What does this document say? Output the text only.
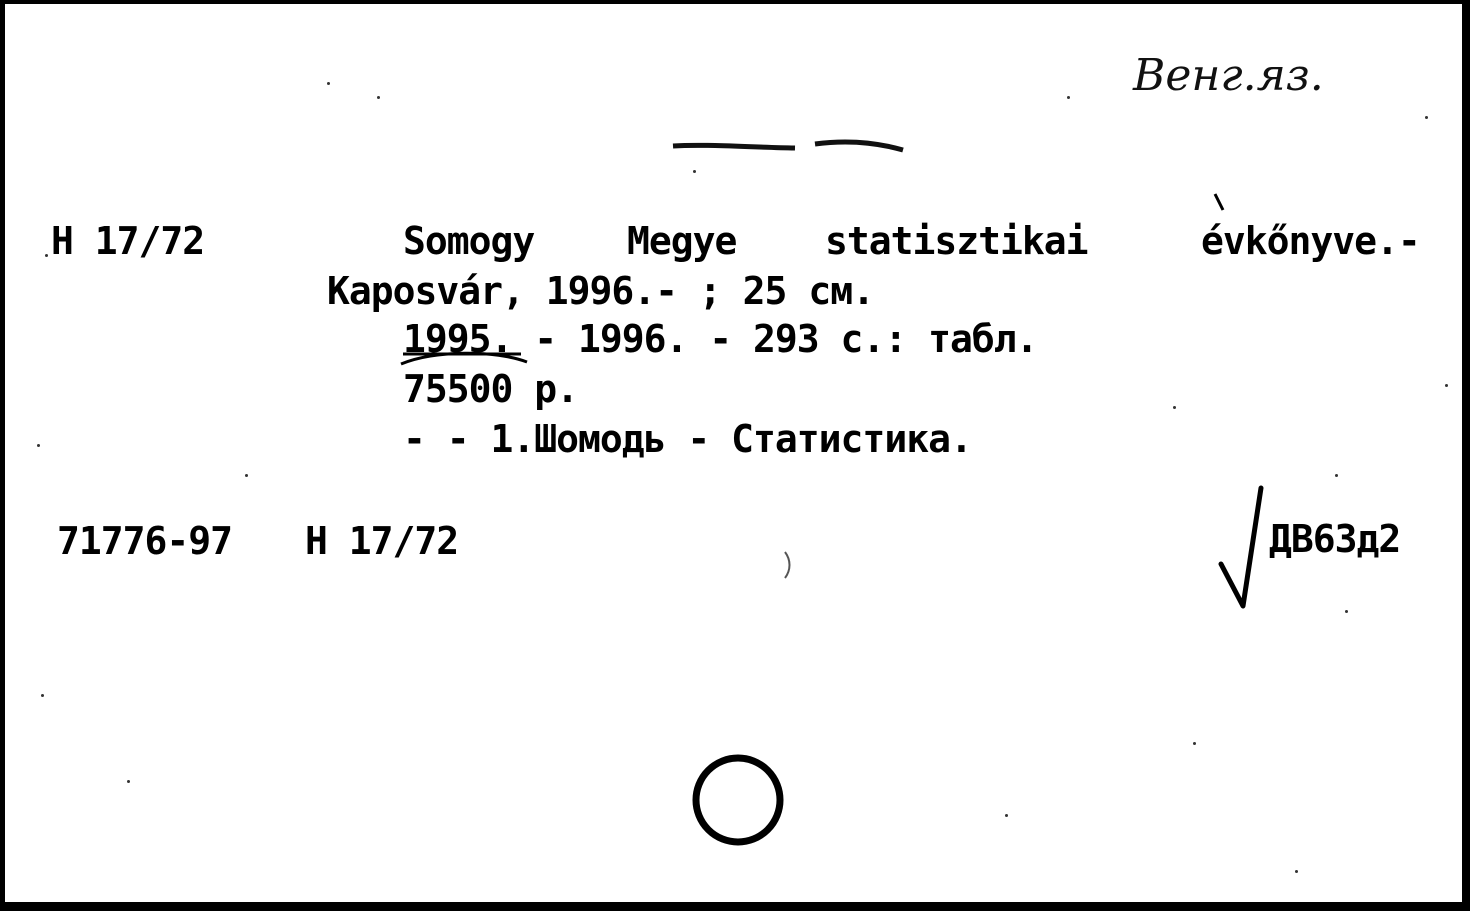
Венг.яз.
Н 17/72	Somogy Megye statisztikai	évkőnyve.-
Kaposvár, 1996.- ; 25 см.
1995. - 1996. - 293 с.: табл.
75500 р.
- - 1.Шомодь - Статистика.
71776-97 Н 17/72	ДВ63д2
